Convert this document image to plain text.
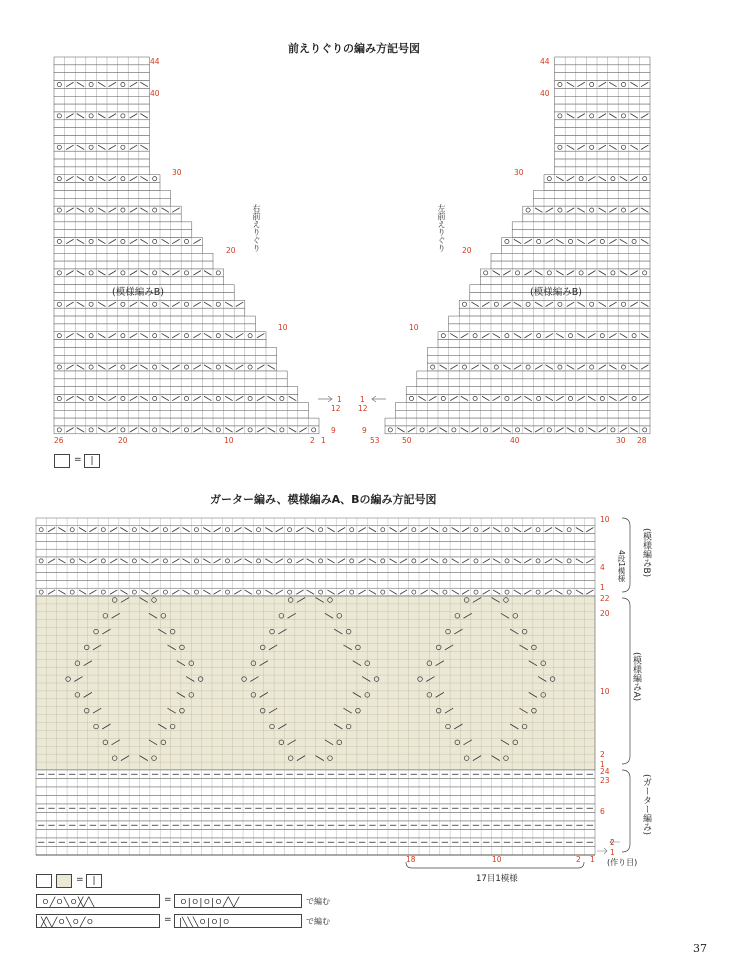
前えりぐりの編み方記号図
44
40
30
20
10
1
12
26	20	10	2 1
9
右前えりぐり
(模様編みB)
44
40
30
20
10
1
12
9
53	50	40	30 28
左前えりぐり
(模様編みB)
= |
ガーター編み、模様編みA、Bの編み方記号図
10
4
1
22
20
10
2
1
24
23
6
2
1
18	10	2 1
17目1模様
(作り目)
(模様編みB)
4段1模様
(模様編みA)
(ガーター編み)
= |
ㅇ╱ㅇ╲ㅇ╳╱╲	= ㅇ|ㅇ|ㅇ|ㅇ╱╲╱	で編む
╳╲╱ㅇ╲ㅇ╱ㅇ	= |╲╲╲ㅇ|ㅇ|ㅇ	で編む
37
